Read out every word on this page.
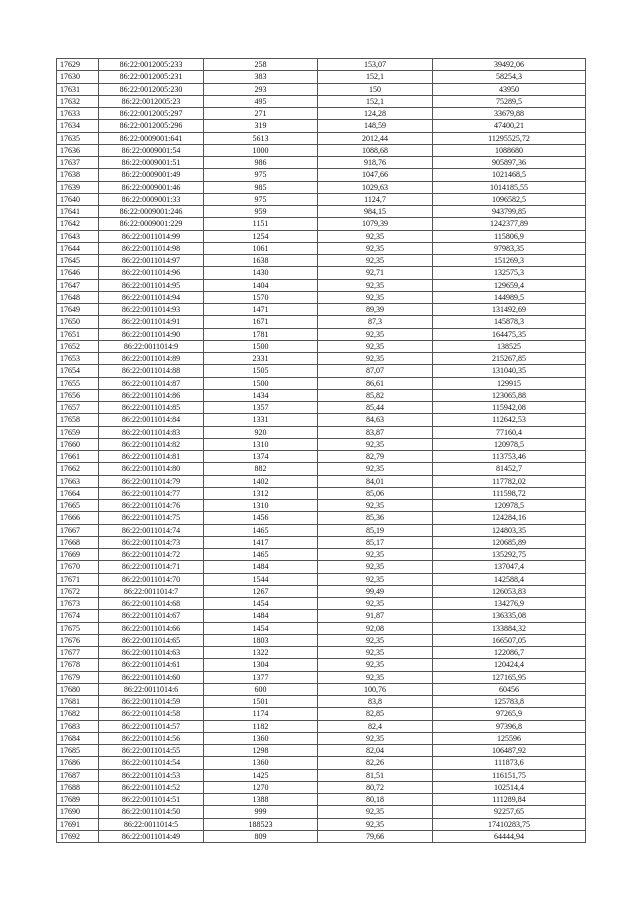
17629	86:22:0012005:233	258	153,07	39492,06
17630	86:22:0012005:231	383	152,1	58254,3
17631	86:22:0012005:230	293	150	43950
17632	86:22:0012005:23	495	152,1	75289,5
17633	86:22:0012005:297	271	124,28	33679,88
17634	86:22:0012005:296	319	148,59	47400,21
17635	86:22:0009001:641	5613	2012,44	11295525,72
17636	86:22:0009001:54	1000	1088,68	1088680
17637	86:22:0009001:51	986	918,76	905897,36
17638	86:22:0009001:49	975	1047,66	1021468,5
17639	86:22:0009001:46	985	1029,63	1014185,55
17640	86:22:0009001:33	975	1124,7	1096582,5
17641	86:22:0009001:246	959	984,15	943799,85
17642	86:22:0009001:229	1151	1079,39	1242377,89
17643	86:22:0011014:99	1254	92,35	115806,9
17644	86:22:0011014:98	1061	92,35	97983,35
17645	86:22:0011014:97	1638	92,35	151269,3
17646	86:22:0011014:96	1430	92,71	132575,3
17647	86:22:0011014:95	1404	92,35	129659,4
17648	86:22:0011014:94	1570	92,35	144989,5
17649	86:22:0011014:93	1471	89,39	131492,69
17650	86:22:0011014:91	1671	87,3	145878,3
17651	86:22:0011014:90	1781	92,35	164475,35
17652	86:22:0011014:9	1500	92,35	138525
17653	86:22:0011014:89	2331	92,35	215267,85
17654	86:22:0011014:88	1505	87,07	131040,35
17655	86:22:0011014:87	1500	86,61	129915
17656	86:22:0011014:86	1434	85,82	123065,88
17657	86:22:0011014:85	1357	85,44	115942,08
17658	86:22:0011014:84	1331	84,63	112642,53
17659	86:22:0011014:83	920	83,87	77160,4
17660	86:22:0011014:82	1310	92,35	120978,5
17661	86:22:0011014:81	1374	82,79	113753,46
17662	86:22:0011014:80	882	92,35	81452,7
17663	86:22:0011014:79	1402	84,01	117782,02
17664	86:22:0011014:77	1312	85,06	111598,72
17665	86:22:0011014:76	1310	92,35	120978,5
17666	86:22:0011014:75	1456	85,36	124284,16
17667	86:22:0011014:74	1465	85,19	124803,35
17668	86:22:0011014:73	1417	85,17	120685,89
17669	86:22:0011014:72	1465	92,35	135292,75
17670	86:22:0011014:71	1484	92,35	137047,4
17671	86:22:0011014:70	1544	92,35	142588,4
17672	86:22:0011014:7	1267	99,49	126053,83
17673	86:22:0011014:68	1454	92,35	134276,9
17674	86:22:0011014:67	1484	91,87	136335,08
17675	86:22:0011014:66	1454	92,08	133884,32
17676	86:22:0011014:65	1803	92,35	166507,05
17677	86:22:0011014:63	1322	92,35	122086,7
17678	86:22:0011014:61	1304	92,35	120424,4
17679	86:22:0011014:60	1377	92,35	127165,95
17680	86:22:0011014:6	600	100,76	60456
17681	86:22:0011014:59	1501	83,8	125783,8
17682	86:22:0011014:58	1174	82,85	97265,9
17683	86:22:0011014:57	1182	82,4	97396,8
17684	86:22:0011014:56	1360	92,35	125596
17685	86:22:0011014:55	1298	82,04	106487,92
17686	86:22:0011014:54	1360	82,26	111873,6
17687	86:22:0011014:53	1425	81,51	116151,75
17688	86:22:0011014:52	1270	80,72	102514,4
17689	86:22:0011014:51	1388	80,18	111289,84
17690	86:22:0011014:50	999	92,35	92257,65
17691	86:22:0011014:5	188523	92,35	17410283,75
17692	86:22:0011014:49	809	79,66	64444,94
